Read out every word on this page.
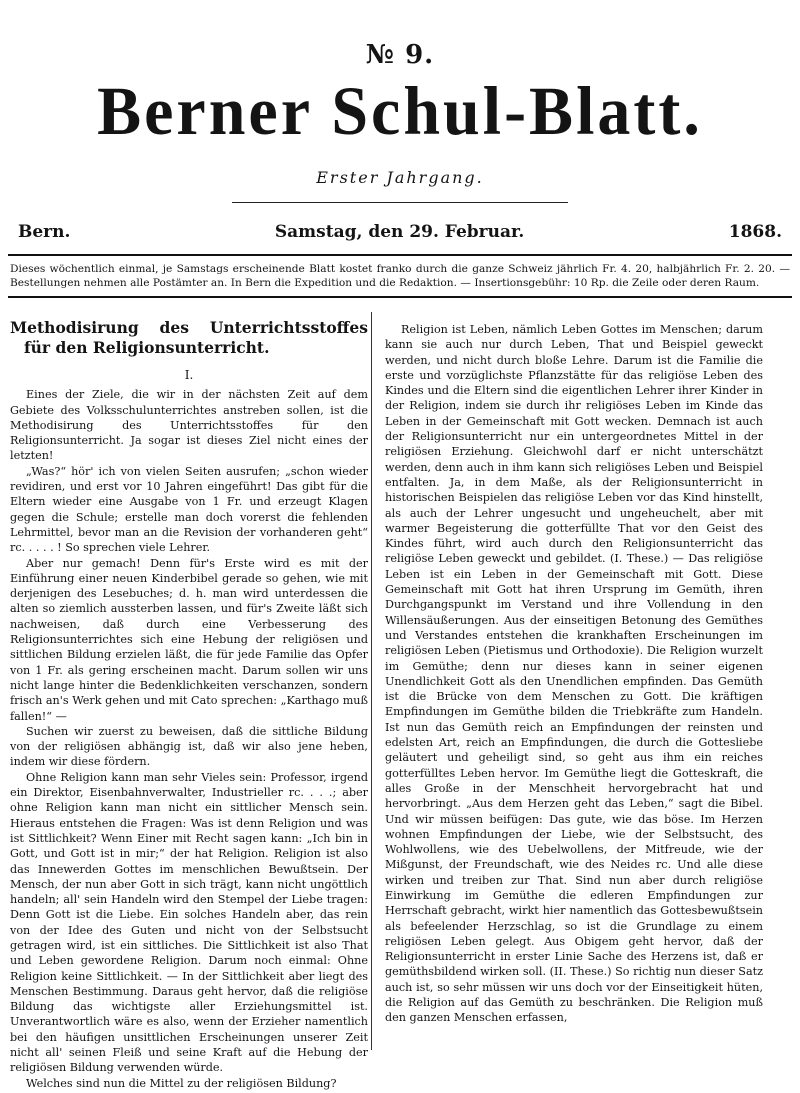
№ 9.
Berner Schul-Blatt.
Erster Jahrgang.
Bern.	Samstag, den 29. Februar.	1868.
Dieses wöchentlich einmal, je Samstags erscheinende Blatt kostet franko durch die ganze Schweiz jährlich Fr. 4. 20, halbjährlich Fr. 2. 20. — Bestellungen nehmen alle Postämter an. In Bern die Expedition und die Redaktion. — Insertionsgebühr: 10 Rp. die Zeile oder deren Raum.
Methodisirung des Unterrichtsstoffes für den Religionsunterricht.
I.

Eines der Ziele, die wir in der nächsten Zeit auf dem Gebiete des Volksschulunterrichtes anstreben sollen, ist die Methodisirung des Unterrichtsstoffes für den Religionsunterricht. Ja sogar ist dieses Ziel nicht eines der letzten!

„Was?“ hör' ich von vielen Seiten ausrufen; „schon wieder revidiren, und erst vor 10 Jahren eingeführt! Das gibt für die Eltern wieder eine Ausgabe von 1 Fr. und erzeugt Klagen gegen die Schule; erstelle man doch vorerst die fehlenden Lehrmittel, bevor man an die Revision der vorhanderen geht“ rc. . . . . ! So sprechen viele Lehrer.

Aber nur gemach! Denn für's Erste wird es mit der Einführung einer neuen Kinderbibel gerade so gehen, wie mit derjenigen des Lesebuches; d. h. man wird unterdessen die alten so ziemlich aussterben lassen, und für's Zweite läßt sich nachweisen, daß durch eine Verbesserung des Religionsunterrichtes sich eine Hebung der religiösen und sittlichen Bildung erzielen läßt, die für jede Familie das Opfer von 1 Fr. als gering erscheinen macht. Darum sollen wir uns nicht lange hinter die Bedenklichkeiten verschanzen, sondern frisch an's Werk gehen und mit Cato sprechen: „Karthago muß fallen!“ —

Suchen wir zuerst zu beweisen, daß die sittliche Bildung von der religiösen abhängig ist, daß wir also jene heben, indem wir diese fördern.

Ohne Religion kann man sehr Vieles sein: Professor, irgend ein Direktor, Eisenbahnverwalter, Industrieller rc. . . .; aber ohne Religion kann man nicht ein sittlicher Mensch sein. Hieraus entstehen die Fragen: Was ist denn Religion und was ist Sittlichkeit? Wenn Einer mit Recht sagen kann: „Ich bin in Gott, und Gott ist in mir;“ der hat Religion. Religion ist also das Innewerden Gottes im menschlichen Bewußtsein. Der Mensch, der nun aber Gott in sich trägt, kann nicht ungöttlich handeln; all' sein Handeln wird den Stempel der Liebe tragen: Denn Gott ist die Liebe. Ein solches Handeln aber, das rein von der Idee des Guten und nicht von der Selbstsucht getragen wird, ist ein sittliches. Die Sittlichkeit ist also That und Leben gewordene Religion. Darum noch einmal: Ohne Religion keine Sittlichkeit. — In der Sittlichkeit aber liegt des Menschen Bestimmung. Daraus geht hervor, daß die religiöse Bildung das wichtigste aller Erziehungsmittel ist. Unverantwortlich wäre es also, wenn der Erzieher namentlich bei den häufigen unsittlichen Erscheinungen unserer Zeit nicht all' seinen Fleiß und seine Kraft auf die Hebung der religiösen Bildung verwenden würde.

Welches sind nun die Mittel zu der religiösen Bildung?

Religion ist Leben, nämlich Leben Gottes im Menschen; darum kann sie auch nur durch Leben, That und Beispiel geweckt werden, und nicht durch bloße Lehre. Darum ist die Familie die erste und vorzüglichste Pflanzstätte für das religiöse Leben des Kindes und die Eltern sind die eigentlichen Lehrer ihrer Kinder in der Religion, indem sie durch ihr religiöses Leben im Kinde das Leben in der Gemeinschaft mit Gott wecken. Demnach ist auch der Religionsunterricht nur ein untergeordnetes Mittel in der religiösen Erziehung. Gleichwohl darf er nicht unterschätzt werden, denn auch in ihm kann sich religiöses Leben und Beispiel entfalten. Ja, in dem Maße, als der Religionsunterricht in historischen Beispielen das religiöse Leben vor das Kind hinstellt, als auch der Lehrer ungesucht und ungeheuchelt, aber mit warmer Begeisterung die gotterfüllte That vor den Geist des Kindes führt, wird auch durch den Religionsunterricht das religiöse Leben geweckt und gebildet. (I. These.) — Das religiöse Leben ist ein Leben in der Gemeinschaft mit Gott. Diese Gemeinschaft mit Gott hat ihren Ursprung im Gemüth, ihren Durchgangspunkt im Verstand und ihre Vollendung in den Willensäußerungen. Aus der einseitigen Betonung des Gemüthes und Verstandes entstehen die krankhaften Erscheinungen im religiösen Leben (Pietismus und Orthodoxie). Die Religion wurzelt im Gemüthe; denn nur dieses kann in seiner eigenen Unendlichkeit Gott als den Unendlichen empfinden. Das Gemüth ist die Brücke von dem Menschen zu Gott. Die kräftigen Empfindungen im Gemüthe bilden die Triebkräfte zum Handeln. Ist nun das Gemüth reich an Empfindungen der reinsten und edelsten Art, reich an Empfindungen, die durch die Gottesliebe geläutert und geheiligt sind, so geht aus ihm ein reiches gotterfülltes Leben hervor. Im Gemüthe liegt die Gotteskraft, die alles Große in der Menschheit hervorgebracht hat und hervorbringt. „Aus dem Herzen geht das Leben,“ sagt die Bibel. Und wir müssen beifügen: Das gute, wie das böse. Im Herzen wohnen Empfindungen der Liebe, wie der Selbstsucht, des Wohlwollens, wie des Uebelwollens, der Mitfreude, wie der Mißgunst, der Freundschaft, wie des Neides rc. Und alle diese wirken und treiben zur That. Sind nun aber durch religiöse Einwirkung im Gemüthe die edleren Empfindungen zur Herrschaft gebracht, wirkt hier namentlich das Gottesbewußtsein als befeelender Herzschlag, so ist die Grundlage zu einem religiösen Leben gelegt. Aus Obigem geht hervor, daß der Religionsunterricht in erster Linie Sache des Herzens ist, daß er gemüthsbildend wirken soll. (II. These.) So richtig nun dieser Satz auch ist, so sehr müssen wir uns doch vor der Einseitigkeit hüten, die Religion auf das Gemüth zu beschränken. Die Religion muß den ganzen Menschen erfassen,
